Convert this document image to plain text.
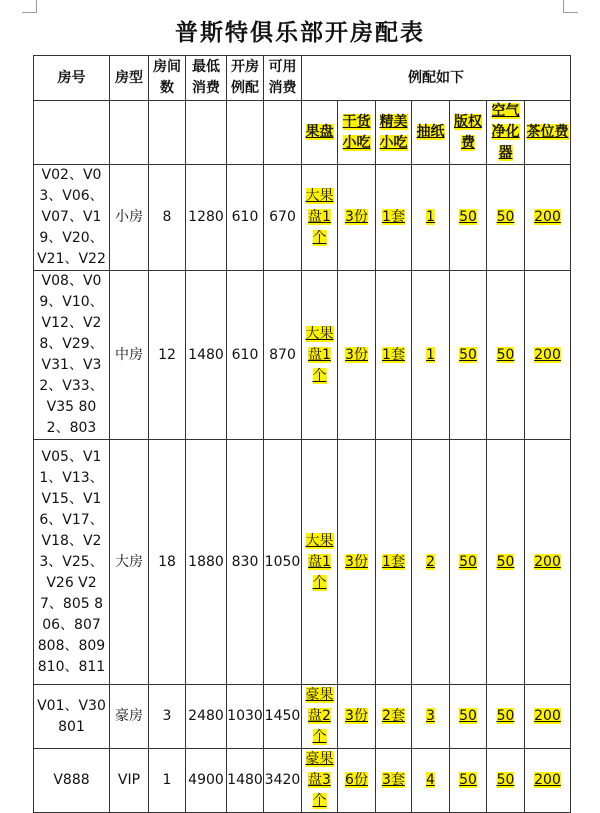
普斯特俱乐部开房配表
房号	房型	房间数	最低消费	开房例配	可用消费	例配如下						
						果盘	干货小吃	精美小吃	抽纸	版权费	空气净化器	茶位费
V02、V03、V06、V07、V19、V20、V21、V22	小房	8	1280	610	670	大果盘1个	3份	1套	1	50	50	200
V08、V09、V10、V12、V28、V29、V31、V32、V33、V35 802、803	中房	12	1480	610	870	大果盘1个	3份	1套	1	50	50	200
V05、V11、V13、V15、V16、V17、V18、V23、V25、V26 V27、805 806、807 808、809 810、811	大房	18	1880	830	1050	大果盘1个	3份	1套	2	50	50	200
V01、V30 801	豪房	3	2480	1030	1450	豪果盘2个	3份	2套	3	50	50	200
V888	VIP	1	4900	1480	3420	豪果盘3个	6份	3套	4	50	50	200
